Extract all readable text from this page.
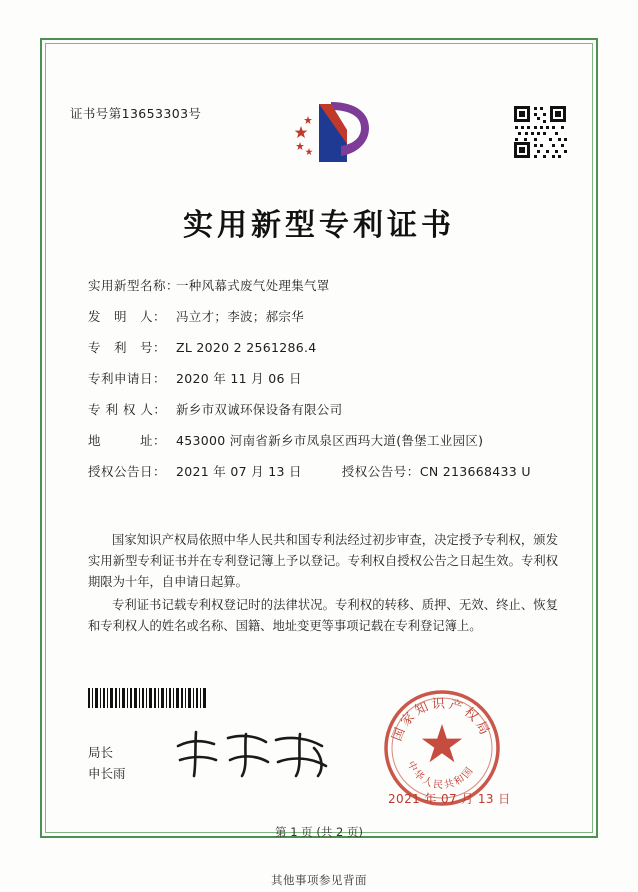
证书号第13653303号
实用新型专利证书
实用新型名称：一种风幕式废气处理集气罩
发　明　人： 冯立才；李波；郝宗华
专　利　号： ZL 2020 2 2561286.4
专利申请日： 2020 年 11 月 06 日
专 利 权 人： 新乡市双诚环保设备有限公司
地　　　址： 453000 河南省新乡市凤泉区西玛大道(鲁堡工业园区)
授权公告日： 2021 年 07 月 13 日	授权公告号：CN 213668433 U

国家知识产权局依照中华人民共和国专利法经过初步审查，决定授予专利权，颁发实用新型专利证书并在专利登记簿上予以登记。专利权自授权公告之日起生效。专利权期限为十年，自申请日起算。

专利证书记载专利权登记时的法律状况。专利权的转移、质押、无效、终止、恢复和专利权人的姓名或名称、国籍、地址变更等事项记载在专利登记簿上。

国家知识产权局
中华人民共和国
2021 年 07 月 13 日
局长
申长雨
第 1 页 (共 2 页)
其他事项参见背面
